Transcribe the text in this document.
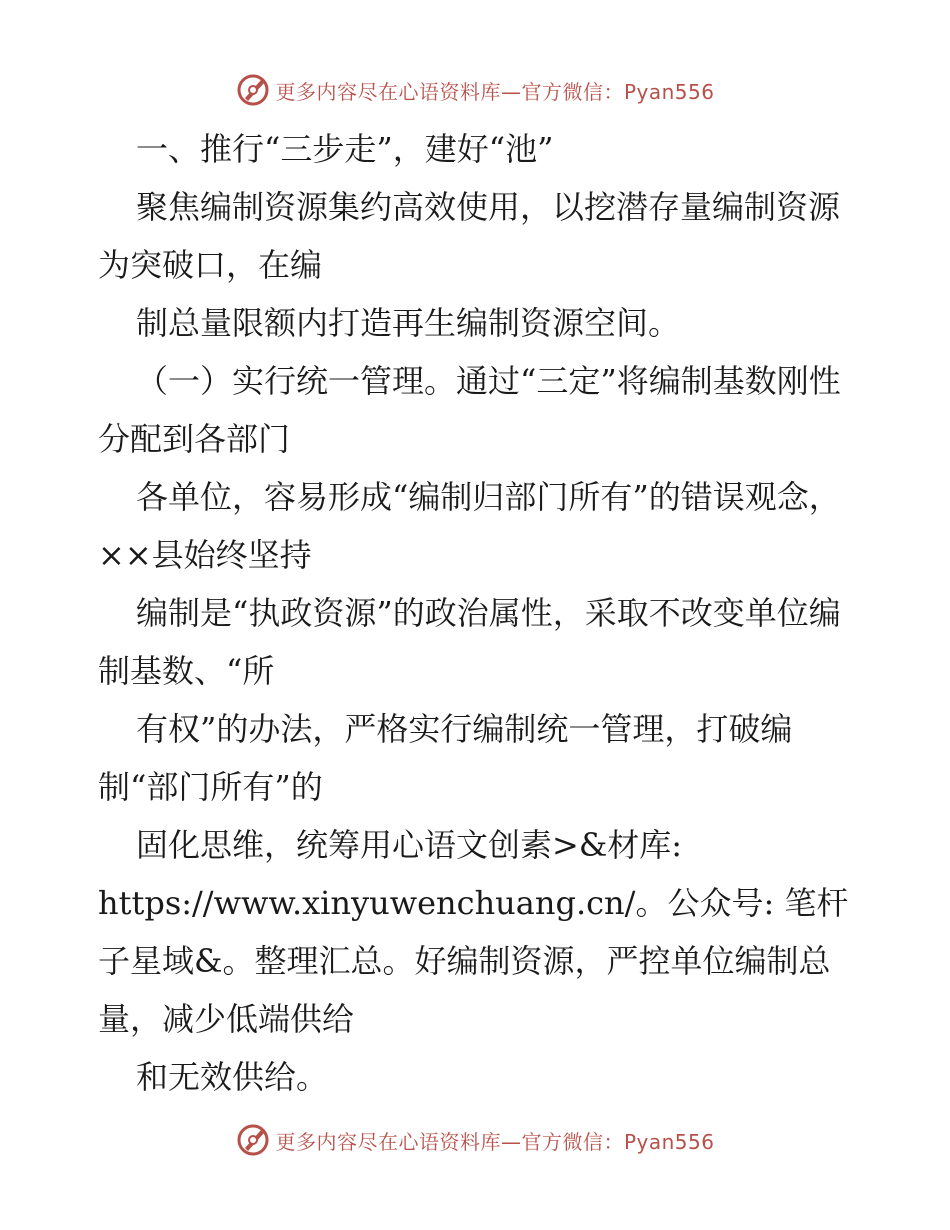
更多内容尽在心语资料库—官方微信：Pyan556

一、推行“三步走”，建好“池”

聚焦编制资源集约高效使用，以挖潜存量编制资源为突破口，在编

制总量限额内打造再生编制资源空间。

（一）实行统一管理。通过“三定”将编制基数刚性分配到各部门

各单位，容易形成“编制归部门所有”的错误观念，××县始终坚持

编制是“执政资源”的政治属性，采取不改变单位编制基数、“所

有权”的办法，严格实行编制统一管理，打破编制“部门所有”的

固化思维，统筹用心语文创素>&材库:

https://www.xinyuwenchuang.cn/。公众号: 笔杆子星域&。整理汇总。好编制资源，严控单位编制总量，减少低端供给

和无效供给。

更多内容尽在心语资料库—官方微信：Pyan556
